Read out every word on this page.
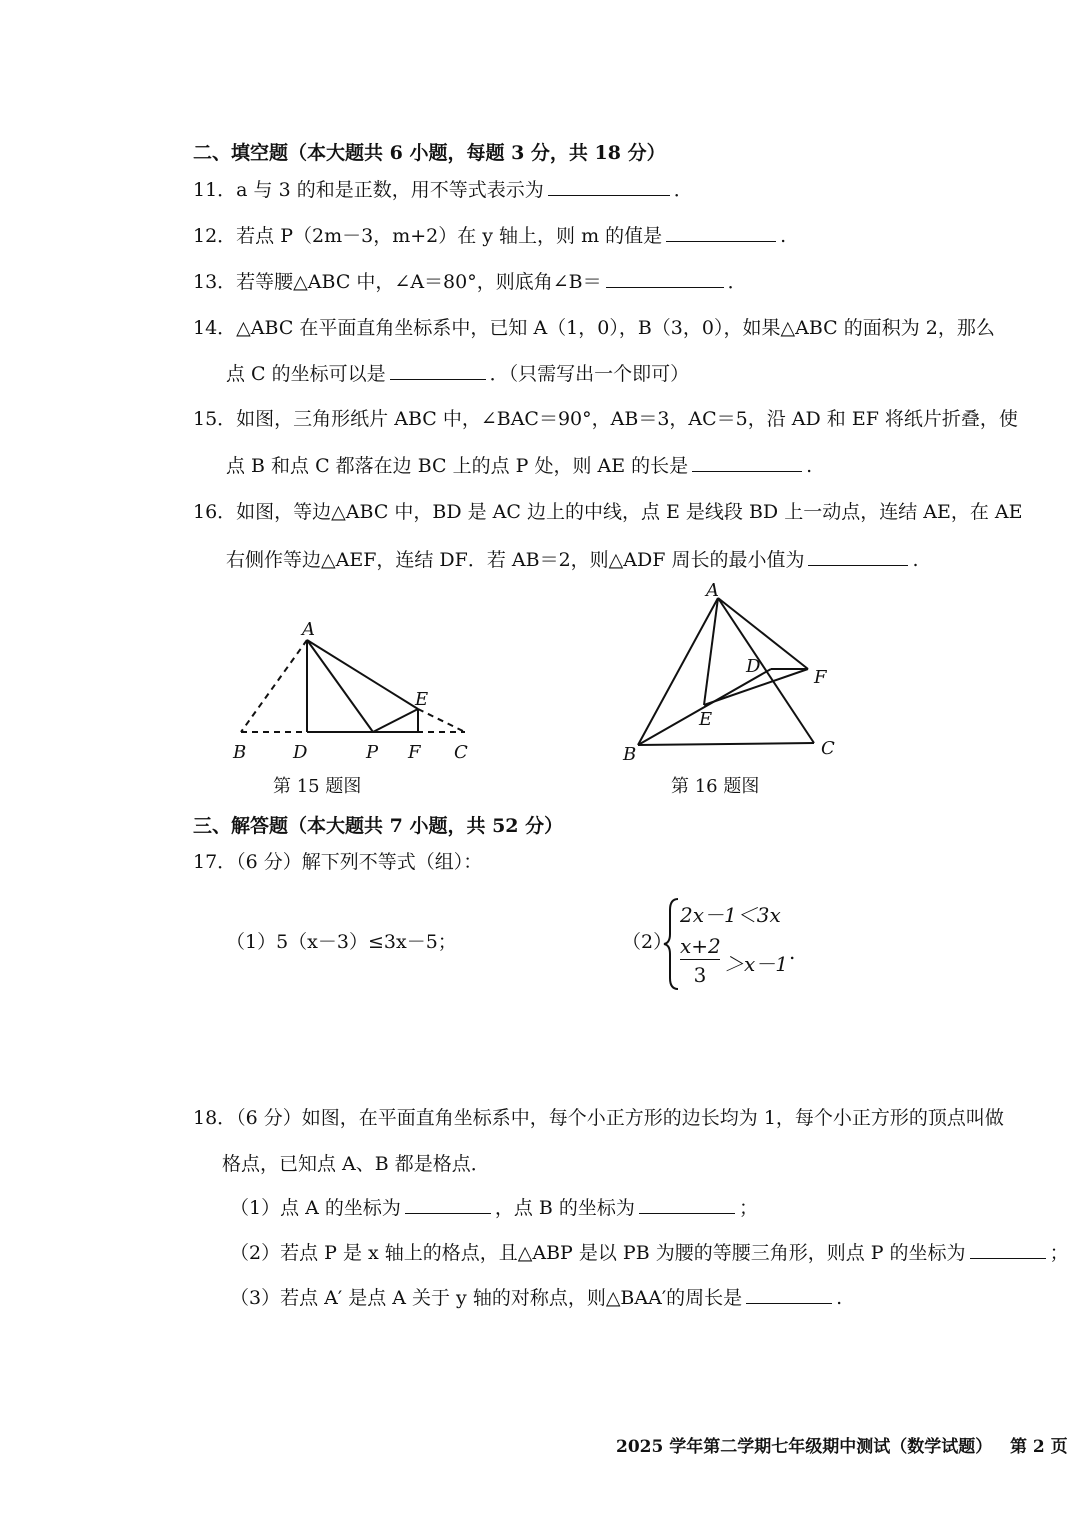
二、填空题（本大题共 6 小题，每题 3 分，共 18 分）
11．a 与 3 的和是正数，用不等式表示为	．
12．若点 P（2m－3，m+2）在 y 轴上，则 m 的值是	.
13．若等腰△ABC 中，∠A＝80°，则底角∠B＝	．
14．△ABC 在平面直角坐标系中，已知 A（1，0），B（3，0），如果△ABC 的面积为 2，那么
点 C 的坐标可以是	．（只需写出一个即可）
15．如图，三角形纸片 ABC 中，∠BAC＝90°，AB＝3，AC＝5，沿 AD 和 EF 将纸片折叠，使
点 B 和点 C 都落在边 BC 上的点 P 处，则 AE 的长是	.
16．如图，等边△ABC 中，BD 是 AC 边上的中线，点 E 是线段 BD 上一动点，连结 AE，在 AE
右侧作等边△AEF，连结 DF．若 AB＝2，则△ADF 周长的最小值为	.
A
B	D	P F C
E
第 15 题图
A
B	C
D
E
F
第 16 题图
三、解答题（本大题共 7 小题，共 52 分）
17．（6 分）解下列不等式（组）：
（1）5（x－3）≤3x－5；	（2）
2x－1＜3x
x+2
3 ＞x－1 .
18．（6 分）如图，在平面直角坐标系中，每个小正方形的边长均为 1，每个小正方形的顶点叫做
格点，已知点 A、B 都是格点．
（1）点 A 的坐标为	，点 B 的坐标为	；
（2）若点 P 是 x 轴上的格点，且△ABP 是以 PB 为腰的等腰三角形，则点 P 的坐标为	；
（3）若点 A′ 是点 A 关于 y 轴的对称点，则△BAA′的周长是	.
2025 学年第二学期七年级期中测试（数学试题） 第 2 页
